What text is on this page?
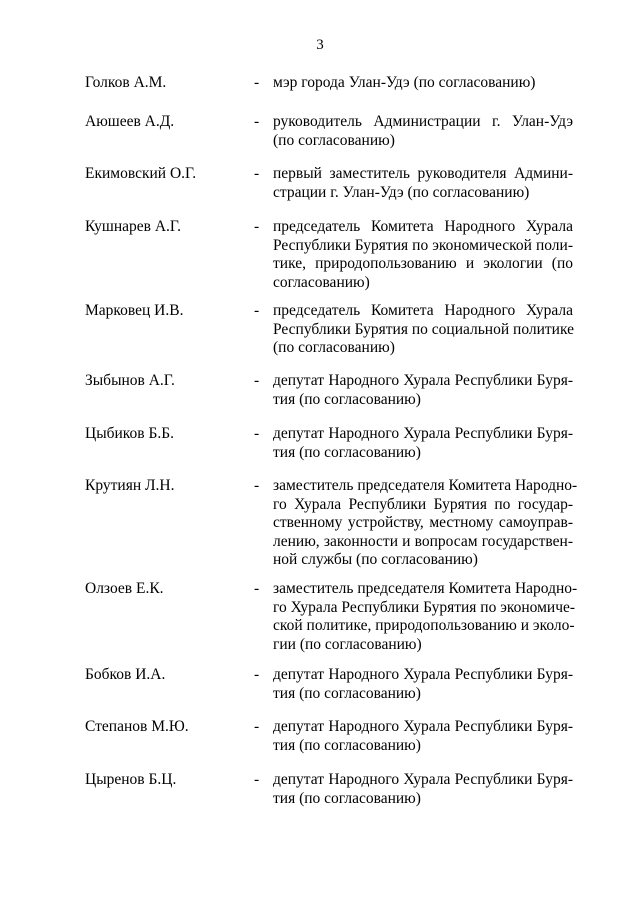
3
Голков А.М.	- мэр города Улан-Удэ (по согласованию)
Аюшеев А.Д.	- руководитель Администрации г. Улан-Удэ
(по согласованию)
Екимовский О.Г.	- первый заместитель руководителя Админи-
страции г. Улан-Удэ (по согласованию)
Кушнарев А.Г.	- председатель Комитета Народного Хурала
Республики Бурятия по экономической поли-
тике, природопользованию и экологии (по
согласованию)
Марковец И.В.	- председатель Комитета Народного Хурала
Республики Бурятия по социальной политике
(по согласованию)
Зыбынов А.Г.	- депутат Народного Хурала Республики Буря-
тия (по согласованию)
Цыбиков Б.Б.	- депутат Народного Хурала Республики Буря-
тия (по согласованию)
Крутиян Л.Н.	- заместитель председателя Комитета Народно-
го Хурала Республики Бурятия по государ-
ственному устройству, местному самоуправ-
лению, законности и вопросам государствен-
ной службы (по согласованию)
Олзоев Е.К.	- заместитель председателя Комитета Народно-
го Хурала Республики Бурятия по экономиче-
ской политике, природопользованию и эколо-
гии (по согласованию)
Бобков И.А.	- депутат Народного Хурала Республики Буря-
тия (по согласованию)
Степанов М.Ю.	- депутат Народного Хурала Республики Буря-
тия (по согласованию)
Цыренов Б.Ц.	- депутат Народного Хурала Республики Буря-
тия (по согласованию)
